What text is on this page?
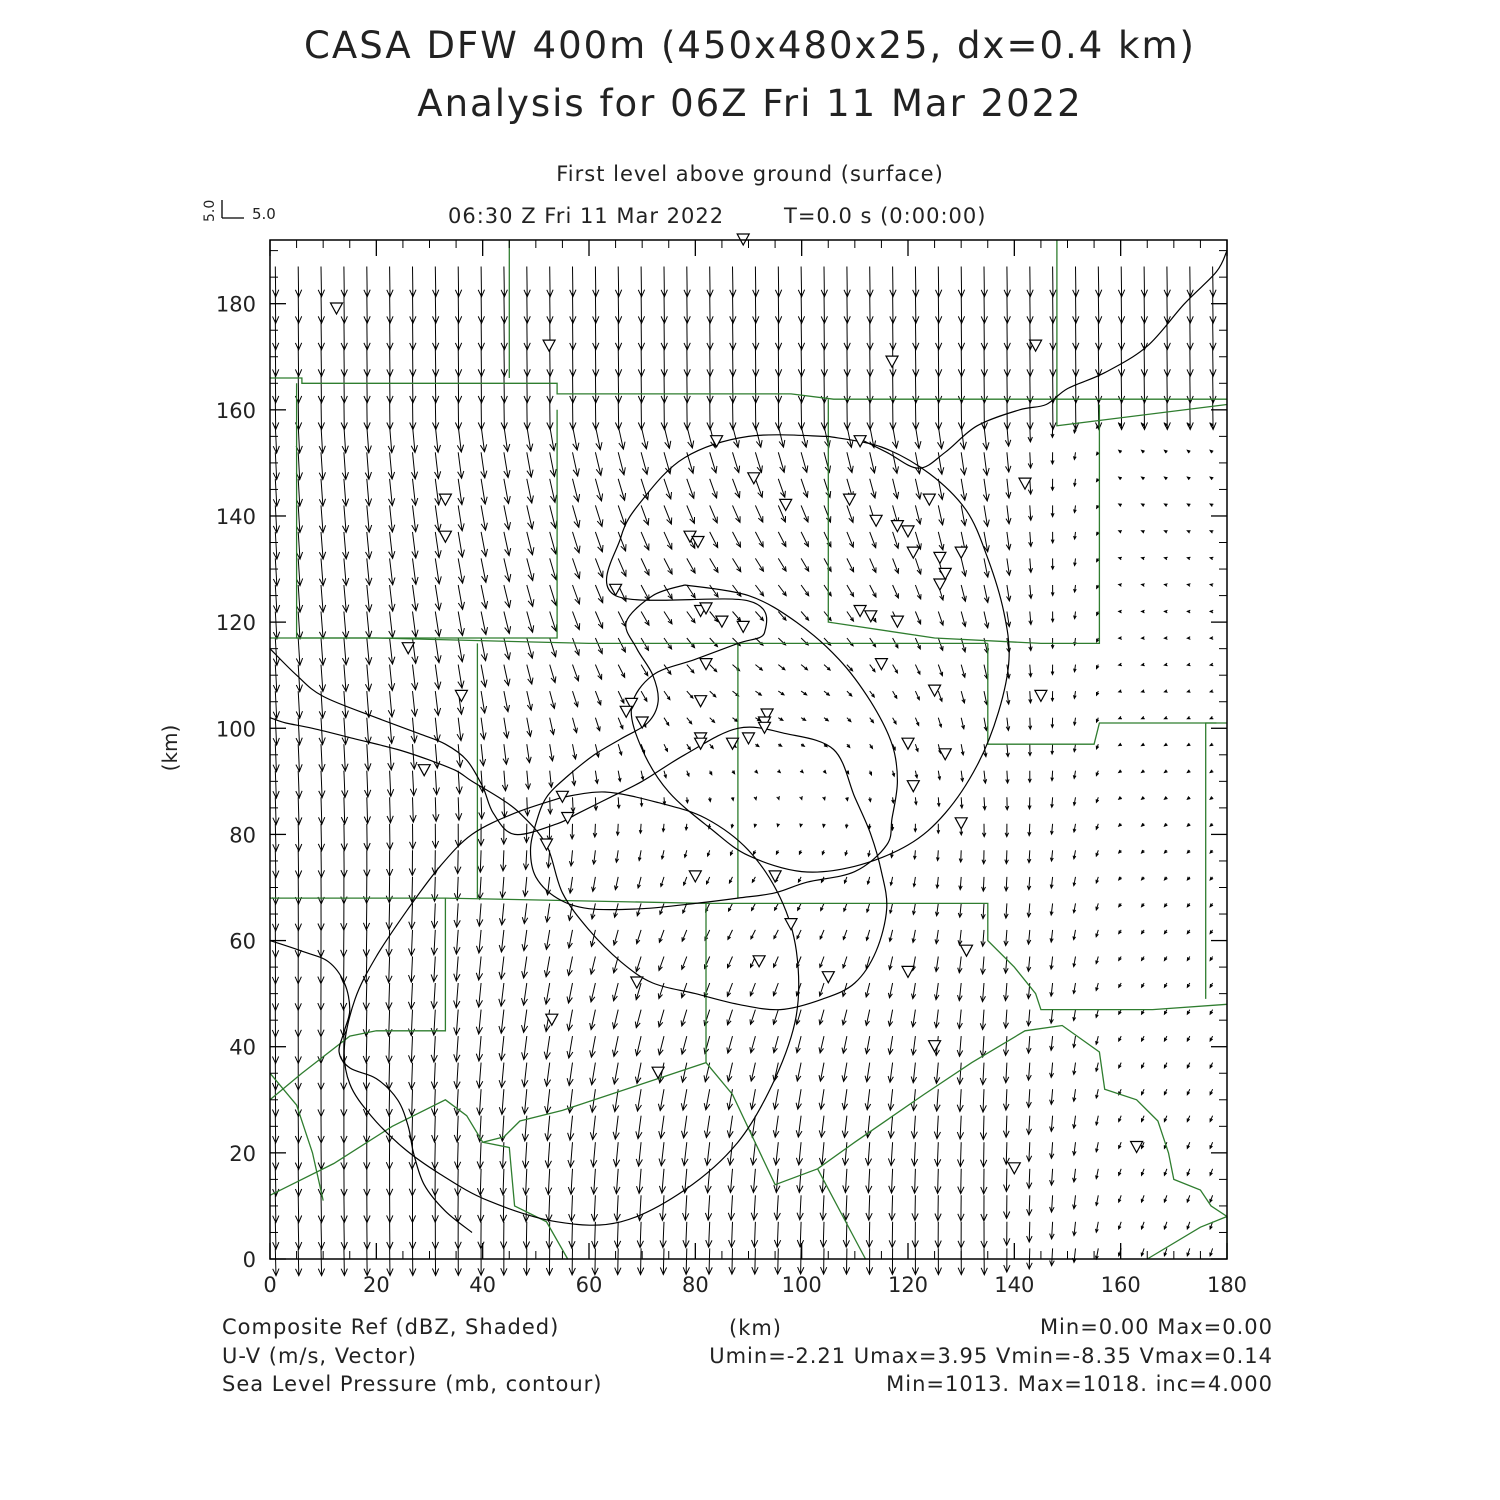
CASA DFW 400m (450x480x25, dx=0.4 km)
Analysis for 06Z Fri 11 Mar 2022
First level above ground (surface)
06:30 Z Fri 11 Mar 2022	T=0.0 s (0:00:00)
5.0 5.0
0	20	40	60	80	100	120	140	160	180
0
20
40
60
80
100
120
140
160
180
(km)
Composite Ref (dBZ, Shaded)	(km)	Min=0.00 Max=0.00
U-V (m/s, Vector)	Umin=-2.21 Umax=3.95 Vmin=-8.35 Vmax=0.14
Sea Level Pressure (mb, contour)	Min=1013. Max=1018. inc=4.000
